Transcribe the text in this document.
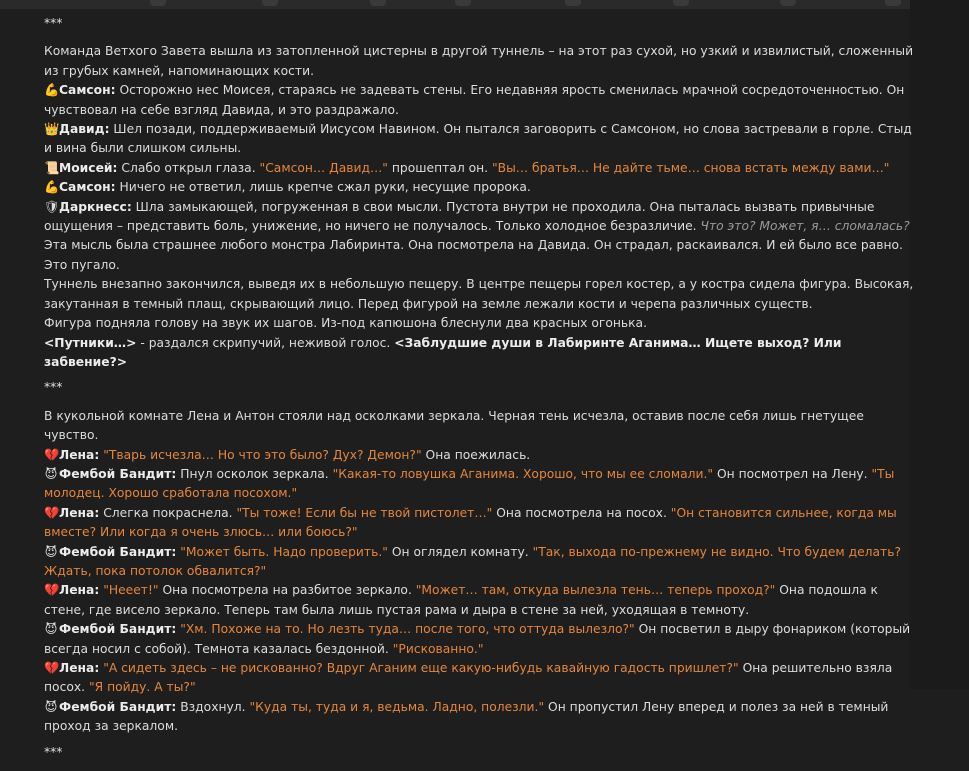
***

Команда Ветхого Завета вышла из затопленной цистерны в другой туннель – на этот раз сухой, но узкий и извилистый, сложенный из грубых камней, напоминающих кости.

💪Самсон: Осторожно нес Моисея, стараясь не задевать стены. Его недавняя ярость сменилась мрачной сосредоточенностью. Он чувствовал на себе взгляд Давида, и это раздражало.

👑Давид: Шел позади, поддерживаемый Иисусом Навином. Он пытался заговорить с Самсоном, но слова застревали в горле. Стыд и вина были слишком сильны.

📜Моисей: Слабо открыл глаза. "Самсон… Давид…" прошептал он. "Вы… братья… Не дайте тьме… снова встать между вами…"

💪Самсон: Ничего не ответил, лишь крепче сжал руки, несущие пророка.

🛡Даркнесс: Шла замыкающей, погруженная в свои мысли. Пустота внутри не проходила. Она пыталась вызвать привычные ощущения – представить боль, унижение, но ничего не получалось. Только холодное безразличие. Что это? Может, я… сломалась? Эта мысль была страшнее любого монстра Лабиринта. Она посмотрела на Давида. Он страдал, раскаивался. И ей было все равно. Это пугало.

Туннель внезапно закончился, выведя их в небольшую пещеру. В центре пещеры горел костер, а у костра сидела фигура. Высокая, закутанная в темный плащ, скрывающий лицо. Перед фигурой на земле лежали кости и черепа различных существ.

Фигура подняла голову на звук их шагов. Из-под капюшона блеснули два красных огонька.

<Путники…> - раздался скрипучий, неживой голос. <Заблудшие души в Лабиринте Аганима… Ищете выход? Или забвение?>

***

В кукольной комнате Лена и Антон стояли над осколками зеркала. Черная тень исчезла, оставив после себя лишь гнетущее чувство.

💔Лена: "Тварь исчезла… Но что это было? Дух? Демон?" Она поежилась.

😈 Фембой Бандит: Пнул осколок зеркала. "Какая-то ловушка Аганима. Хорошо, что мы ее сломали." Он посмотрел на Лену. "Ты молодец. Хорошо сработала посохом."

💔Лена: Слегка покраснела. "Ты тоже! Если бы не твой пистолет…" Она посмотрела на посох. "Он становится сильнее, когда мы вместе? Или когда я очень злюсь… или боюсь?"

😈 Фембой Бандит: "Может быть. Надо проверить." Он оглядел комнату. "Так, выхода по-прежнему не видно. Что будем делать? Ждать, пока потолок обвалится?"

💔Лена: "Нееет!" Она посмотрела на разбитое зеркало. "Может… там, откуда вылезла тень… теперь проход?" Она подошла к стене, где висело зеркало. Теперь там была лишь пустая рама и дыра в стене за ней, уходящая в темноту.

😈 Фембой Бандит: "Хм. Похоже на то. Но лезть туда… после того, что оттуда вылезло?" Он посветил в дыру фонариком (который всегда носил с собой). Темнота казалась бездонной. "Рискованно."

💔Лена: "А сидеть здесь – не рискованно? Вдруг Аганим еще какую-нибудь кавайную гадость пришлет?" Она решительно взяла посох. "Я пойду. А ты?"

😈 Фембой Бандит: Вздохнул. "Куда ты, туда и я, ведьма. Ладно, полезли." Он пропустил Лену вперед и полез за ней в темный проход за зеркалом.

***
